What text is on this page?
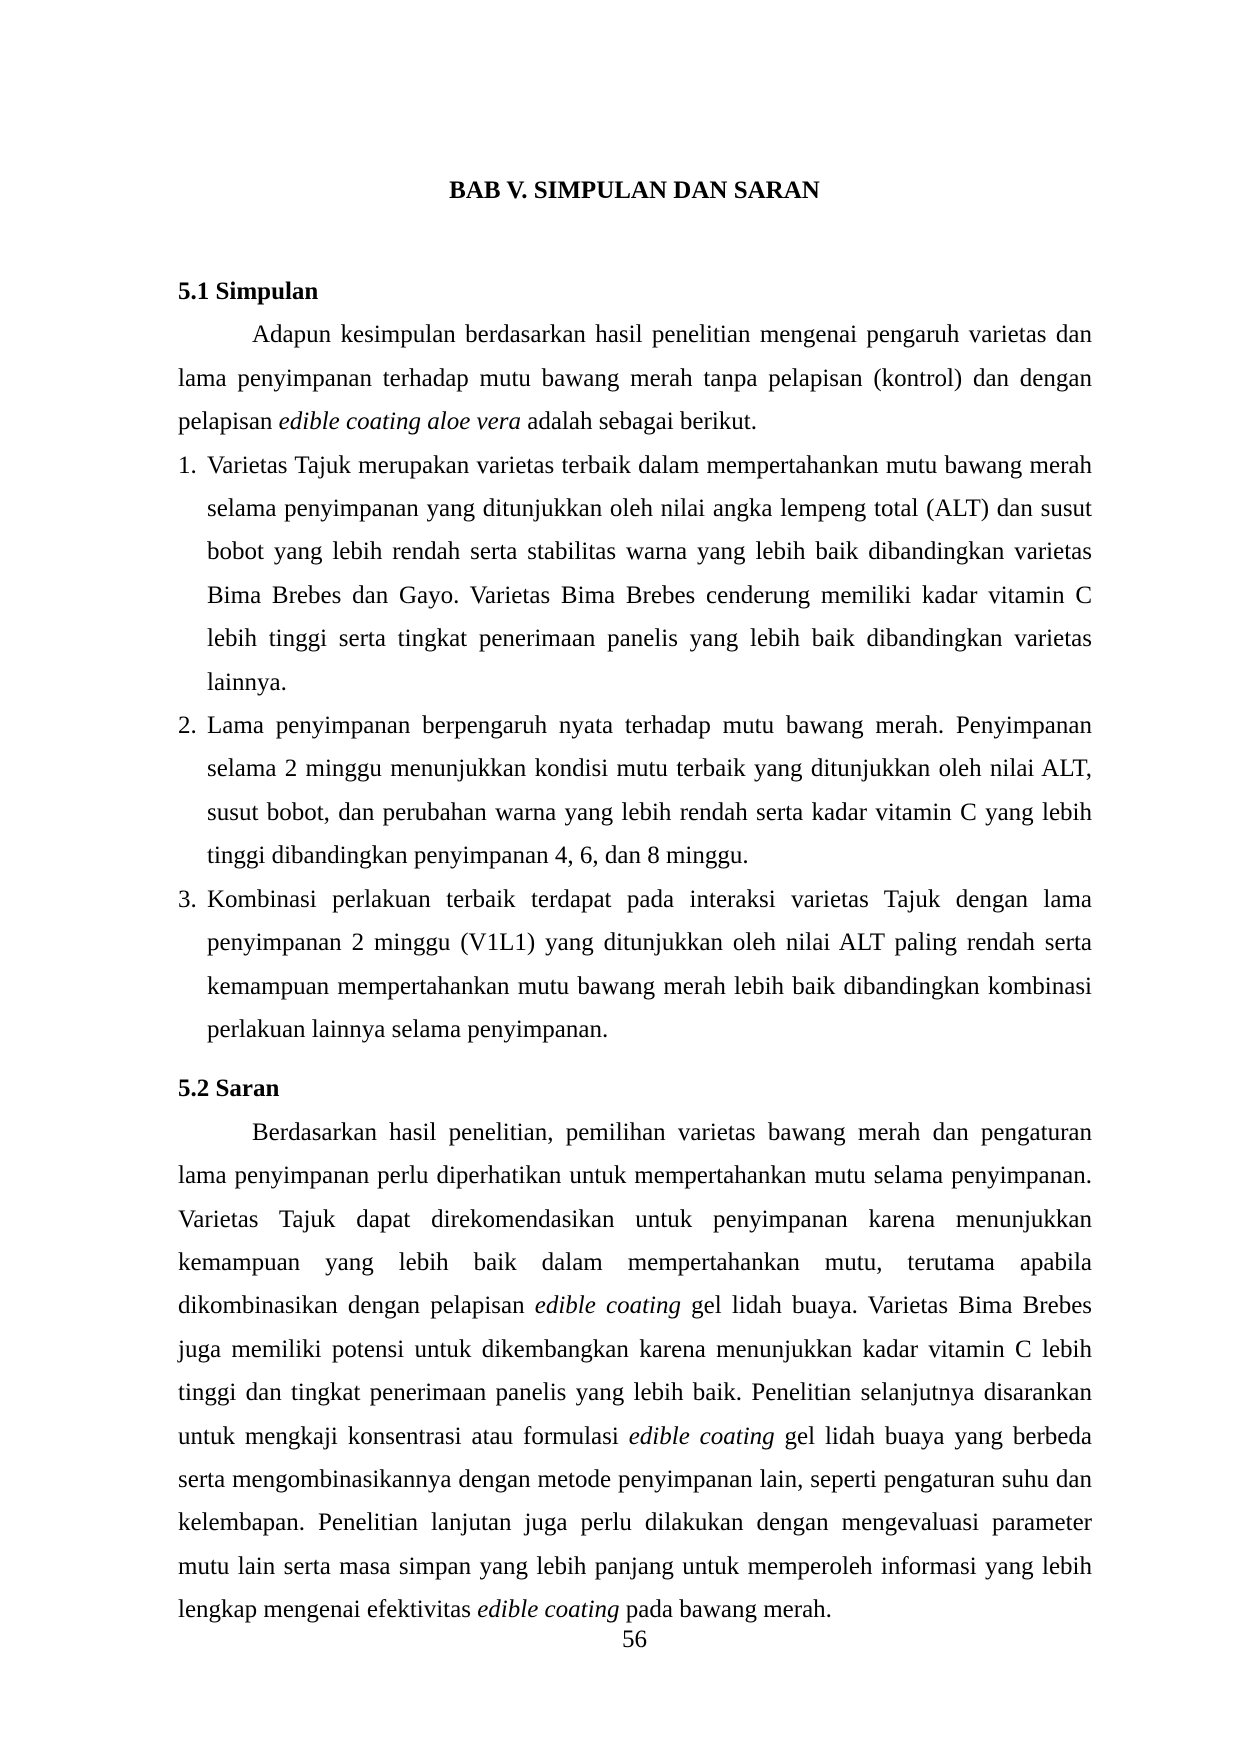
BAB V. SIMPULAN DAN SARAN
5.1 Simpulan

Adapun kesimpulan berdasarkan hasil penelitian mengenai pengaruh varietas dan lama penyimpanan terhadap mutu bawang merah tanpa pelapisan (kontrol) dan dengan pelapisan edible coating aloe vera adalah sebagai berikut.

1. Varietas Tajuk merupakan varietas terbaik dalam mempertahankan mutu bawang merah selama penyimpanan yang ditunjukkan oleh nilai angka lempeng total (ALT) dan susut bobot yang lebih rendah serta stabilitas warna yang lebih baik dibandingkan varietas Bima Brebes dan Gayo. Varietas Bima Brebes cenderung memiliki kadar vitamin C lebih tinggi serta tingkat penerimaan panelis yang lebih baik dibandingkan varietas lainnya.
2. Lama penyimpanan berpengaruh nyata terhadap mutu bawang merah. Penyimpanan selama 2 minggu menunjukkan kondisi mutu terbaik yang ditunjukkan oleh nilai ALT, susut bobot, dan perubahan warna yang lebih rendah serta kadar vitamin C yang lebih tinggi dibandingkan penyimpanan 4, 6, dan 8 minggu.
3. Kombinasi perlakuan terbaik terdapat pada interaksi varietas Tajuk dengan lama penyimpanan 2 minggu (V1L1) yang ditunjukkan oleh nilai ALT paling rendah serta kemampuan mempertahankan mutu bawang merah lebih baik dibandingkan kombinasi perlakuan lainnya selama penyimpanan.
5.2 Saran

Berdasarkan hasil penelitian, pemilihan varietas bawang merah dan pengaturan lama penyimpanan perlu diperhatikan untuk mempertahankan mutu selama penyimpanan. Varietas Tajuk dapat direkomendasikan untuk penyimpanan karena menunjukkan kemampuan yang lebih baik dalam mempertahankan mutu, terutama apabila dikombinasikan dengan pelapisan edible coating gel lidah buaya. Varietas Bima Brebes juga memiliki potensi untuk dikembangkan karena menunjukkan kadar vitamin C lebih tinggi dan tingkat penerimaan panelis yang lebih baik. Penelitian selanjutnya disarankan untuk mengkaji konsentrasi atau formulasi edible coating gel lidah buaya yang berbeda serta mengombinasikannya dengan metode penyimpanan lain, seperti pengaturan suhu dan kelembapan. Penelitian lanjutan juga perlu dilakukan dengan mengevaluasi parameter mutu lain serta masa simpan yang lebih panjang untuk memperoleh informasi yang lebih lengkap mengenai efektivitas edible coating pada bawang merah.

56
